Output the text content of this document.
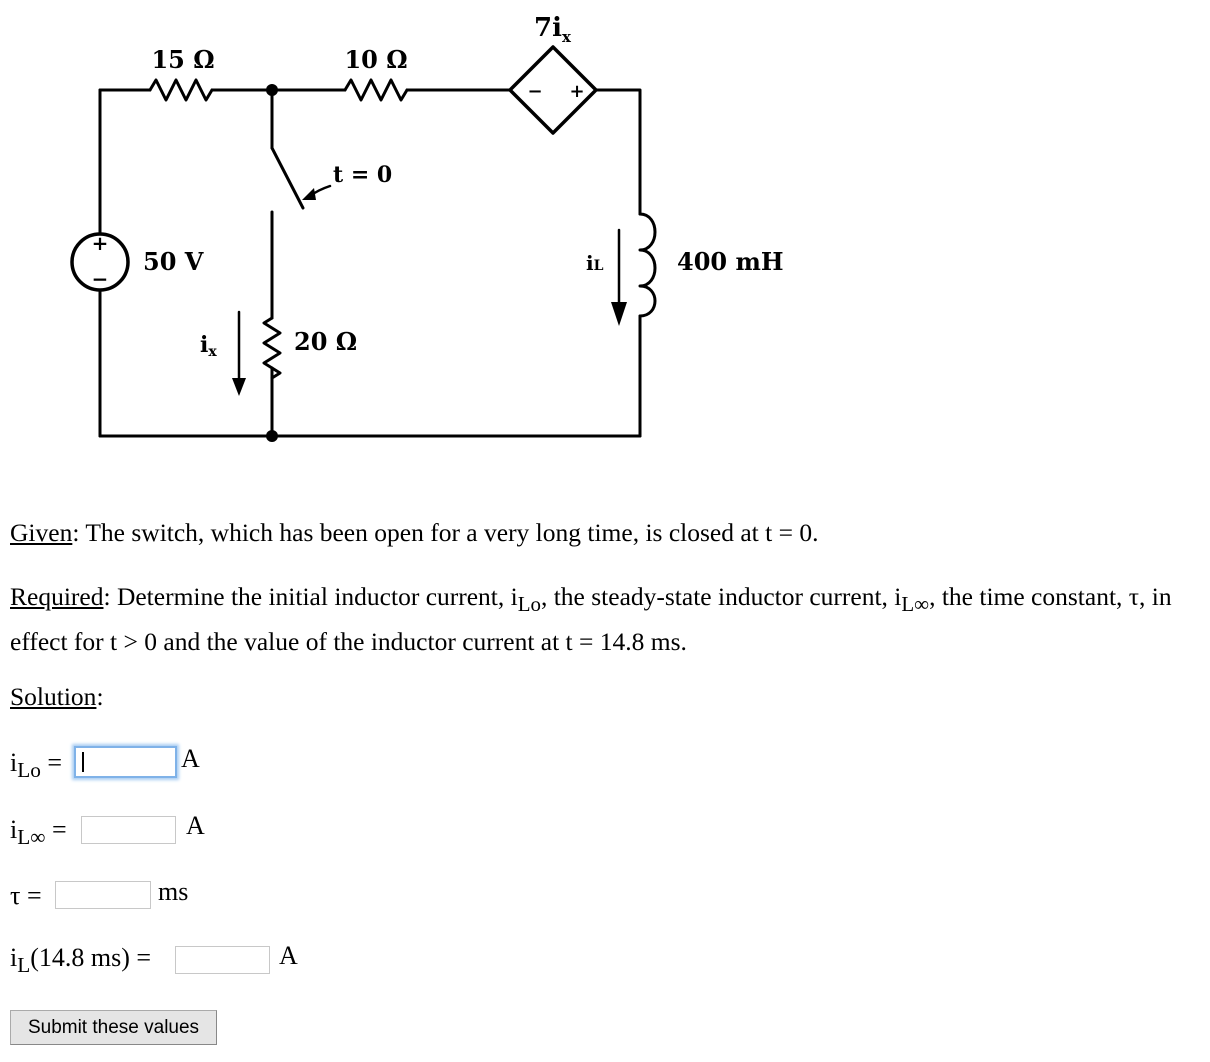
+
−
− +
15 Ω	10 Ω
$7i_x$
t = 0
50 V
ix	20 Ω
iL	400 mH

Given: The switch, which has been open for a very long time, is closed at t = 0.

Required: Determine the initial inductor current, $i_{Lo}$, the steady-state inductor current, $i_{L\infty}$, the time constant, τ, in effect for t > 0 and the value of the inductor current at t = 14.8 ms.

Solution:

$i_{Lo}$ =	A
$i_{L\infty}$ =	A
τ =	ms
$i_L(14.8$ ms) =	A
Submit these values
